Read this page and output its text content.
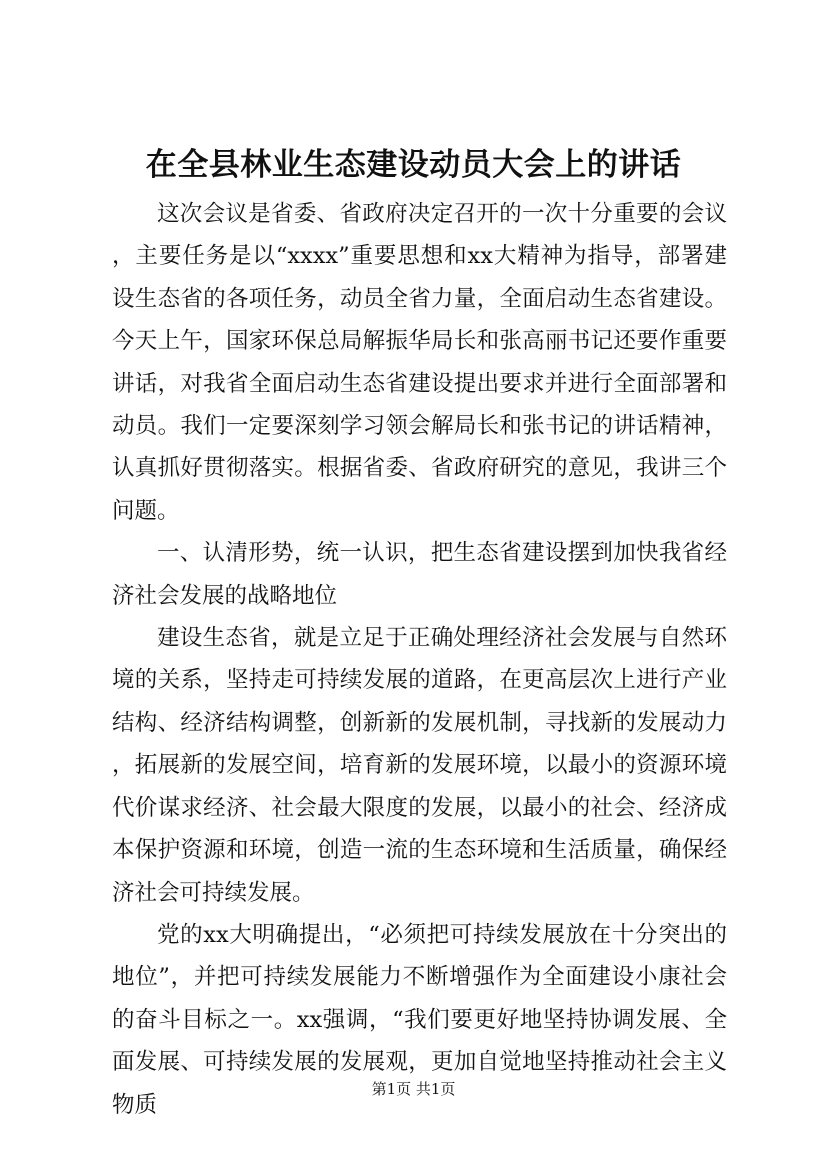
在全县林业生态建设动员大会上的讲话

这次会议是省委、省政府决定召开的一次十分重要的会议，主要任务是以“xxxx”重要思想和xx大精神为指导，部署建设生态省的各项任务，动员全省力量，全面启动生态省建设。今天上午，国家环保总局解振华局长和张高丽书记还要作重要讲话，对我省全面启动生态省建设提出要求并进行全面部署和动员。我们一定要深刻学习领会解局长和张书记的讲话精神，认真抓好贯彻落实。根据省委、省政府研究的意见，我讲三个问题。

一、认清形势，统一认识，把生态省建设摆到加快我省经济社会发展的战略地位

建设生态省，就是立足于正确处理经济社会发展与自然环境的关系，坚持走可持续发展的道路，在更高层次上进行产业结构、经济结构调整，创新新的发展机制，寻找新的发展动力，拓展新的发展空间，培育新的发展环境，以最小的资源环境代价谋求经济、社会最大限度的发展，以最小的社会、经济成本保护资源和环境，创造一流的生态环境和生活质量，确保经济社会可持续发展。

党的xx大明确提出，“必须把可持续发展放在十分突出的地位”，并把可持续发展能力不断增强作为全面建设小康社会的奋斗目标之一。xx强调，“我们要更好地坚持协调发展、全面发展、可持续发展的发展观，更加自觉地坚持推动社会主义物质

第1页 共1页
